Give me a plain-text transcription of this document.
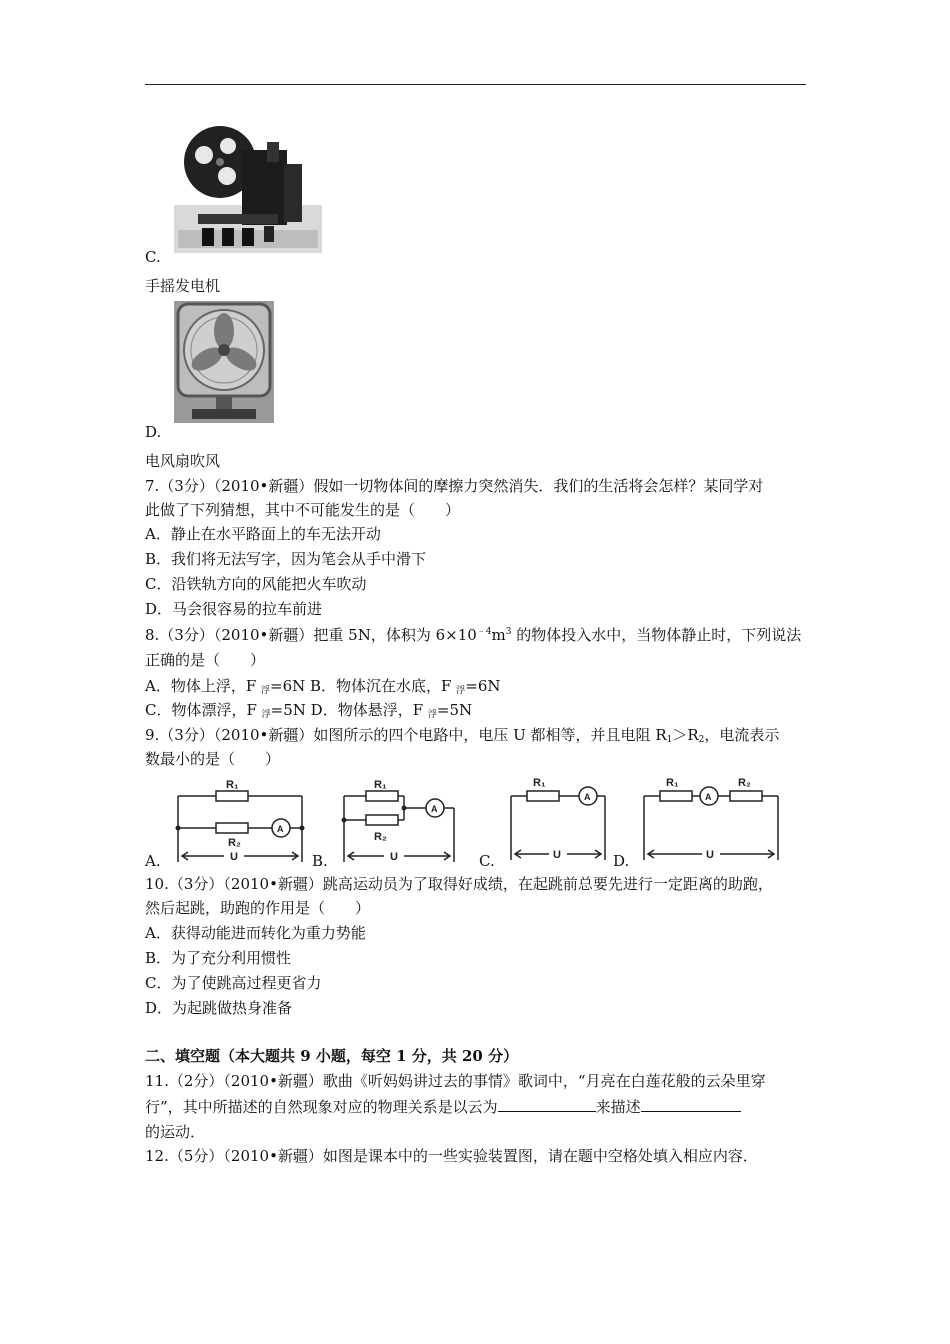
C.
手摇发电机
D.
电风扇吹风
7.（3分）（2010•新疆）假如一切物体间的摩擦力突然消失．我们的生活将会怎样？某同学对
此做了下列猜想，其中不可能发生的是（　　）
A．静止在水平路面上的车无法开动
B．我们将无法写字，因为笔会从手中滑下
C．沿铁轨方向的风能把火车吹动
D．马会很容易的拉车前进
8.（3分）（2010•新疆）把重 5N，体积为 $6\times 10^{﹣4}m^3$ 的物体投入水中，当物体静止时，下列说法
正确的是（　　）
A．物体上浮，F $_浮$=6N B．物体沉在水底，F $_浮$=6N
C．物体漂浮，F $_浮$=5N D．物体悬浮，F $_浮$=5N
9.（3分）（2010•新疆）如图所示的四个电路中，电压 U 都相等，并且电阻 $R_1>R_2$，电流表示
数最小的是（　　）
A.
R₁
R₂
A
U	B.
R₁
R₂
A
U	C.
R₁
A
U	D.
R₁	R₂
A
U
10.（3分）（2010•新疆）跳高运动员为了取得好成绩，在起跳前总要先进行一定距离的助跑，
然后起跳，助跑的作用是（　　）
A．获得动能进而转化为重力势能
B．为了充分利用惯性
C．为了使跳高过程更省力
D．为起跳做热身准备
二、填空题（本大题共 9 小题，每空 1 分，共 20 分）
11.（2分）（2010•新疆）歌曲《听妈妈讲过去的事情》歌词中，“月亮在白莲花般的云朵里穿
行”，其中所描述的自然现象对应的物理关系是以云为	来描述
的运动．
12.（5分）（2010•新疆）如图是课本中的一些实验装置图，请在题中空格处填入相应内容．
